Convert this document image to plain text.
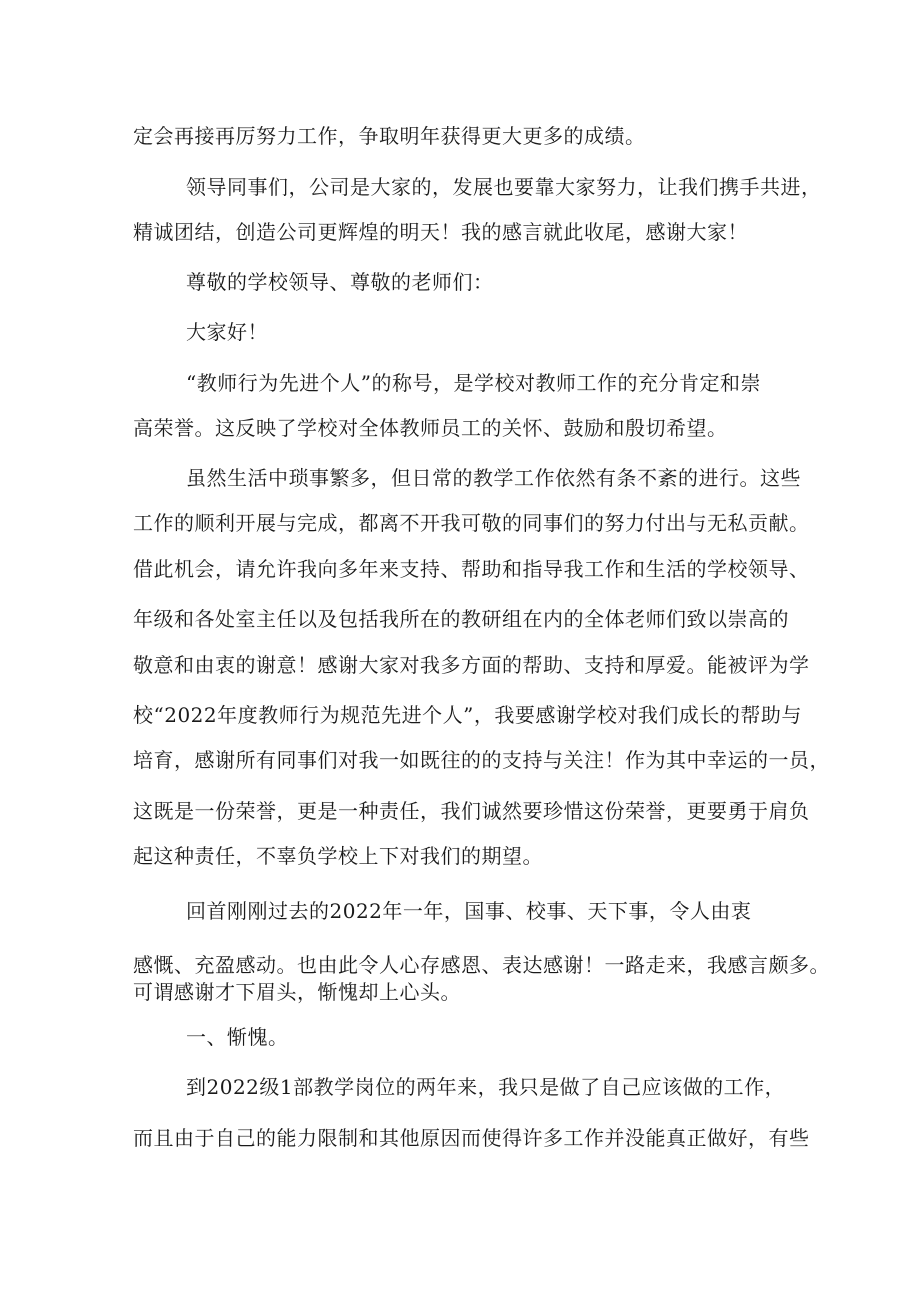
定会再接再厉努力工作，争取明年获得更大更多的成绩。
领导同事们，公司是大家的，发展也要靠大家努力，让我们携手共进，
精诚团结，创造公司更辉煌的明天！我的感言就此收尾，感谢大家！
尊敬的学校领导、尊敬的老师们：
大家好！
“教师行为先进个人”的称号，是学校对教师工作的充分肯定和崇
高荣誉。这反映了学校对全体教师员工的关怀、鼓励和殷切希望。
虽然生活中琐事繁多，但日常的教学工作依然有条不紊的进行。这些
工作的顺利开展与完成，都离不开我可敬的同事们的努力付出与无私贡献。
借此机会，请允许我向多年来支持、帮助和指导我工作和生活的学校领导、
年级和各处室主任以及包括我所在的教研组在内的全体老师们致以崇高的
敬意和由衷的谢意！感谢大家对我多方面的帮助、支持和厚爱。能被评为学
校“2022年度教师行为规范先进个人”，我要感谢学校对我们成长的帮助与
培育，感谢所有同事们对我一如既往的的支持与关注！作为其中幸运的一员，
这既是一份荣誉，更是一种责任，我们诚然要珍惜这份荣誉，更要勇于肩负
起这种责任，不辜负学校上下对我们的期望。
回首刚刚过去的2022年一年，国事、校事、天下事，令人由衷
感慨、充盈感动。也由此令人心存感恩、表达感谢！一路走来，我感言颇多。
可谓感谢才下眉头，惭愧却上心头。
一、惭愧。
到2022级1部教学岗位的两年来，我只是做了自己应该做的工作，
而且由于自己的能力限制和其他原因而使得许多工作并没能真正做好，有些
